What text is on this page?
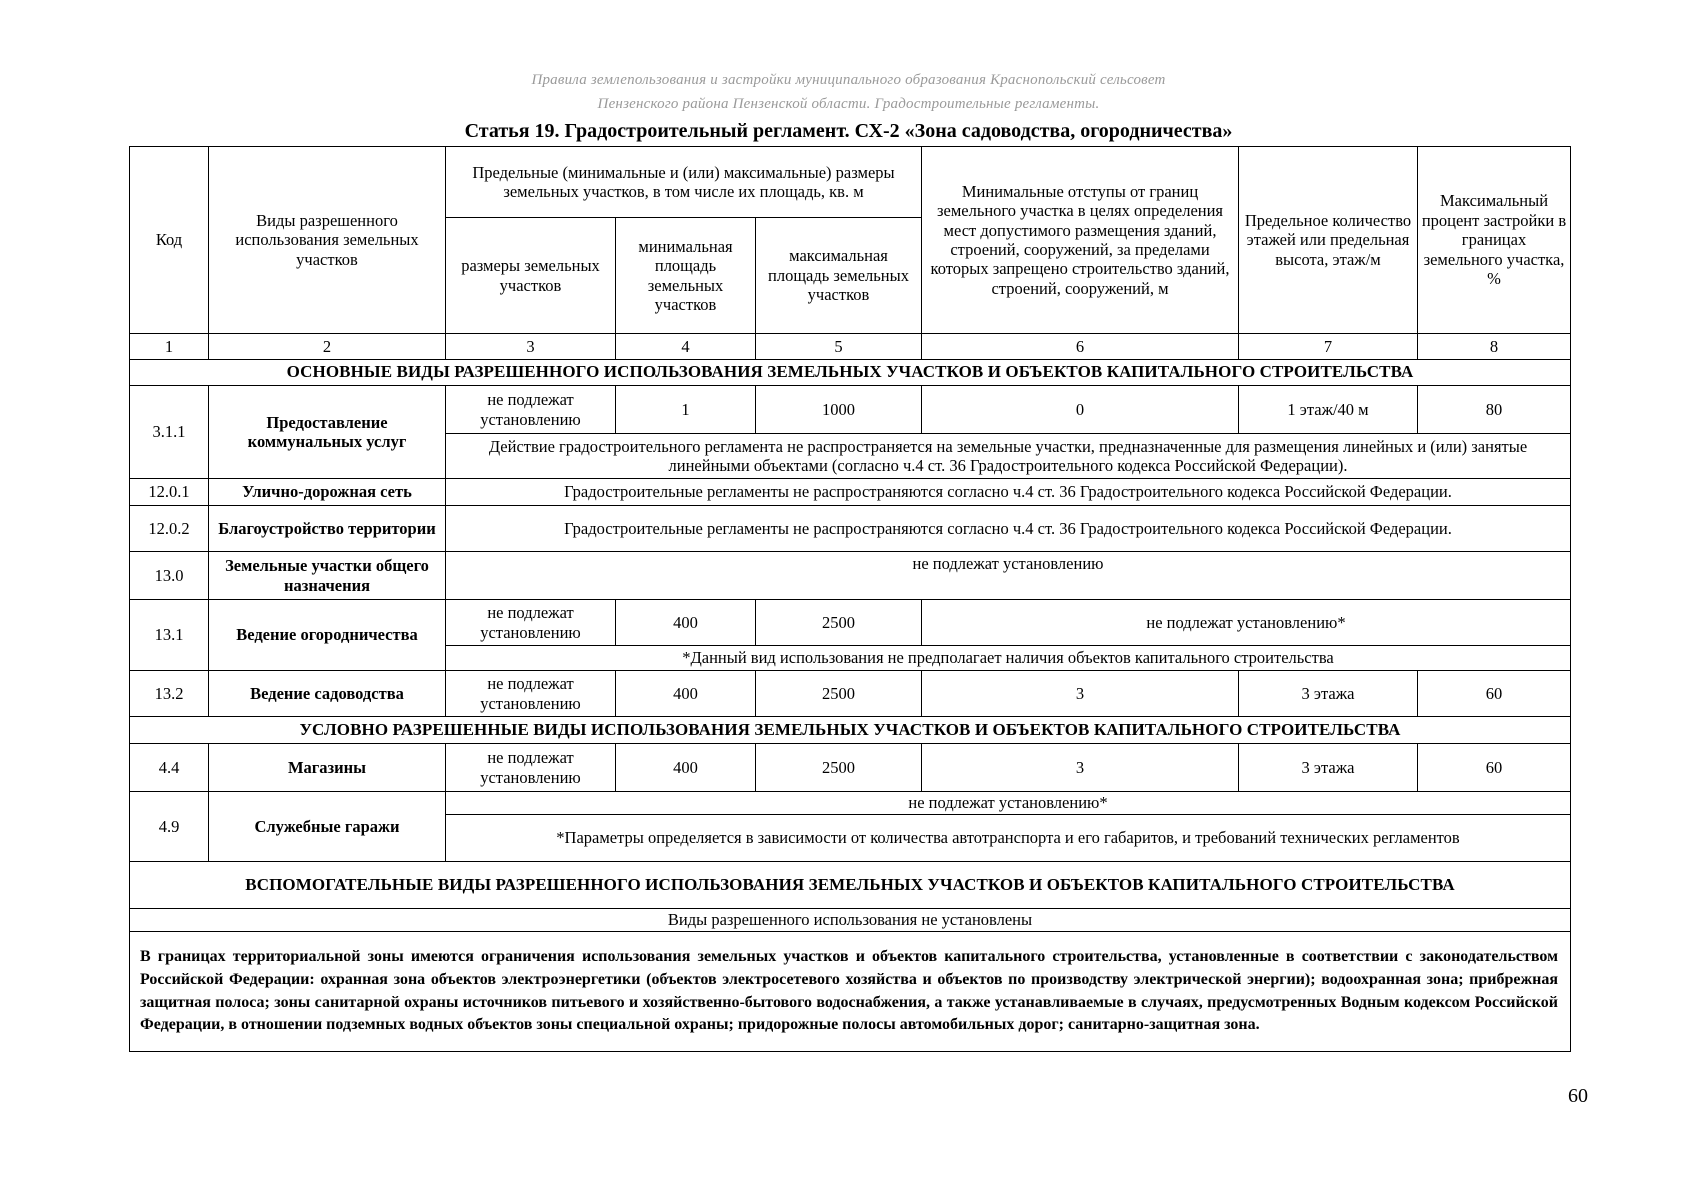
Правила землепользования и застройки муниципального образования Краснопольский сельсовет
Пензенского района Пензенской области. Градостроительные регламенты.
Статья 19. Градостроительный регламент. СХ-2 «Зона садоводства, огородничества»
Код	Виды разрешенного использования земельных участков	Предельные (минимальные и (или) максимальные) размеры земельных участков, в том числе их площадь, кв. м			Минимальные отступы от границ земельного участка в целях определения мест допустимого размещения зданий, строений, сооружений, за пределами которых запрещено строительство зданий, строений, сооружений, м	Предельное количество этажей или предельная высота, этаж/м	Максимальный процент застройки в границах земельного участка, %
		размеры земельных участков	минимальная площадь земельных участков	максимальная площадь земельных участков			
1	2	3	4	5	6	7	8
ОСНОВНЫЕ ВИДЫ РАЗРЕШЕННОГО ИСПОЛЬЗОВАНИЯ ЗЕМЕЛЬНЫХ УЧАСТКОВ И ОБЪЕКТОВ КАПИТАЛЬНОГО СТРОИТЕЛЬСТВА							
3.1.1	Предоставление коммунальных услуг	не подлежат установлению	1	1000	0	1 этаж/40 м	80
		Действие градостроительного регламента не распространяется на земельные участки, предназначенные для размещения линейных и (или) занятые линейными объектами (согласно ч.4 ст. 36 Градостроительного кодекса Российской Федерации).					
12.0.1	Улично-дорожная сеть	Градостроительные регламенты не распространяются согласно ч.4 ст. 36 Градостроительного кодекса Российской Федерации.					
12.0.2	Благоустройство территории	Градостроительные регламенты не распространяются согласно ч.4 ст. 36 Градостроительного кодекса Российской Федерации.					
13.0	Земельные участки общего назначения	не подлежат установлению					
13.1	Ведение огородничества	не подлежат установлению	400	2500	не подлежат установлению*		
		*Данный вид использования не предполагает наличия объектов капитального строительства					
13.2	Ведение садоводства	не подлежат установлению	400	2500	3	3 этажа	60
УСЛОВНО РАЗРЕШЕННЫЕ ВИДЫ ИСПОЛЬЗОВАНИЯ ЗЕМЕЛЬНЫХ УЧАСТКОВ И ОБЪЕКТОВ КАПИТАЛЬНОГО СТРОИТЕЛЬСТВА							
4.4	Магазины	не подлежат установлению	400	2500	3	3 этажа	60
4.9	Служебные гаражи	не подлежат установлению*					
		*Параметры определяется в зависимости от количества автотранспорта и его габаритов, и требований технических регламентов					
ВСПОМОГАТЕЛЬНЫЕ ВИДЫ РАЗРЕШЕННОГО ИСПОЛЬЗОВАНИЯ ЗЕМЕЛЬНЫХ УЧАСТКОВ И ОБЪЕКТОВ КАПИТАЛЬНОГО СТРОИТЕЛЬСТВА							
Виды разрешенного использования не установлены							
В границах территориальной зоны имеются ограничения использования земельных участков и объектов капитального строительства, установленные в соответствии с законодательством Российской Федерации: охранная зона объектов электроэнергетики (объектов электросетевого хозяйства и объектов по производству электрической энергии); водоохранная зона; прибрежная защитная полоса; зоны санитарной охраны источников питьевого и хозяйственно-бытового водоснабжения, а также устанавливаемые в случаях, предусмотренных Водным кодексом Российской Федерации, в отношении подземных водных объектов зоны специальной охраны; придорожные полосы автомобильных дорог; санитарно-защитная зона.							
60
